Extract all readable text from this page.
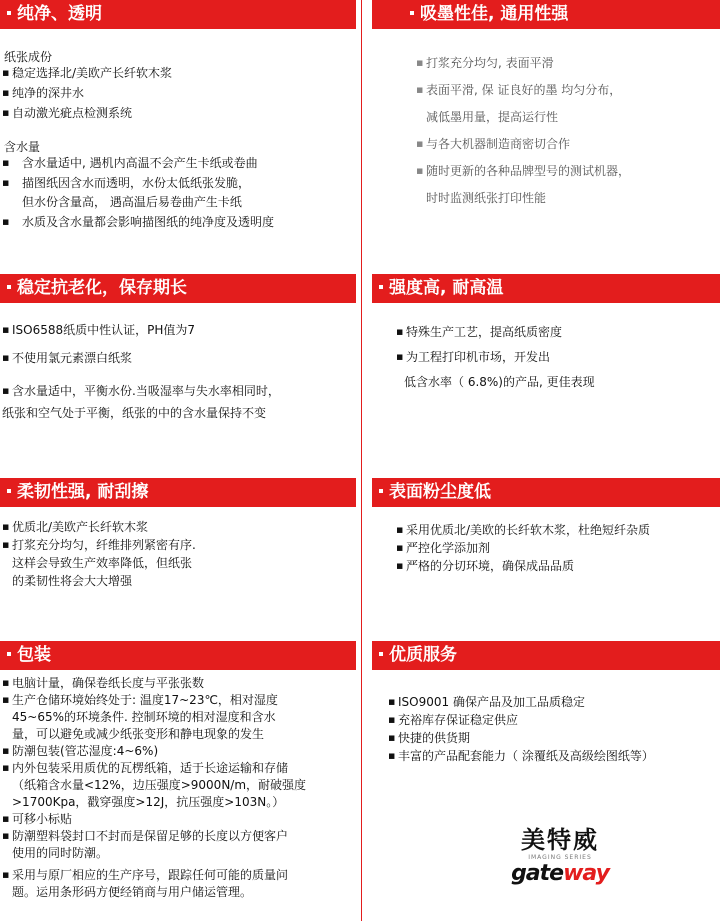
纯净、透明
纸张成份
▪ 稳定选择北/美欧产长纤软木浆
▪ 纯净的深井水
▪ 自动激光疵点检测系统
含水量
▪ 含水量适中, 遇机内高温不会产生卡纸或卷曲
▪ 描图纸因含水而透明，水份太低纸张发脆，
但水份含量高， 遇高温后易卷曲产生卡纸
▪ 水质及含水量都会影响描图纸的纯净度及透明度
吸墨性佳, 通用性强
▪ 打浆充分均匀, 表面平滑
▪ 表面平滑, 保 证良好的墨 均匀分布，
减低墨用量，提高运行性
▪ 与各大机器制造商密切合作
▪ 随时更新的各种品牌型号的测试机器，
时时监测纸张打印性能
稳定抗老化，保存期长
▪ ISO6588纸质中性认证，PH值为7
▪ 不使用氯元素漂白纸浆
▪ 含水量适中，平衡水份.当吸湿率与失水率相同时，
纸张和空气处于平衡，纸张的中的含水量保持不变
强度高, 耐高温
▪ 特殊生产工艺，提高纸质密度
▪ 为工程打印机市场，开发出
低含水率（ 6.8%)的产品, 更佳表现
柔韧性强, 耐刮擦
▪ 优质北/美欧产长纤软木浆
▪ 打浆充分均匀，纤维排列紧密有序.
这样会导致生产效率降低，但纸张
的柔韧性将会大大增强
表面粉尘度低
▪ 采用优质北/美欧的长纤软木浆，杜绝短纤杂质
▪ 严控化学添加剂
▪ 严格的分切环境，确保成品品质
包装
▪ 电脑计量，确保卷纸长度与平张张数
▪ 生产仓储环境始终处于: 温度17~23℃，相对湿度
45~65%的环境条件. 控制环境的相对湿度和含水
量，可以避免或减少纸张变形和静电现象的发生
▪ 防潮包装(管芯湿度:4~6%)
▪ 内外包装采用质优的瓦楞纸箱，适于长途运输和存储
（纸箱含水量<12%，边压强度>9000N/m，耐破强度
>1700Kpa，戳穿强度>12J，抗压强度>103N。）
▪ 可移小标贴
▪ 防潮塑料袋封口不封而是保留足够的长度以方便客户
使用的同时防潮。
▪ 采用与原厂相应的生产序号，跟踪任何可能的质量问
题。运用条形码方便经销商与用户储运管理。
优质服务
▪ ISO9001 确保产品及加工品质稳定
▪ 充裕库存保证稳定供应
▪ 快捷的供货期
▪ 丰富的产品配套能力（ 涂覆纸及高级绘图纸等）
美特威
IMAGING SERIES
gateway
